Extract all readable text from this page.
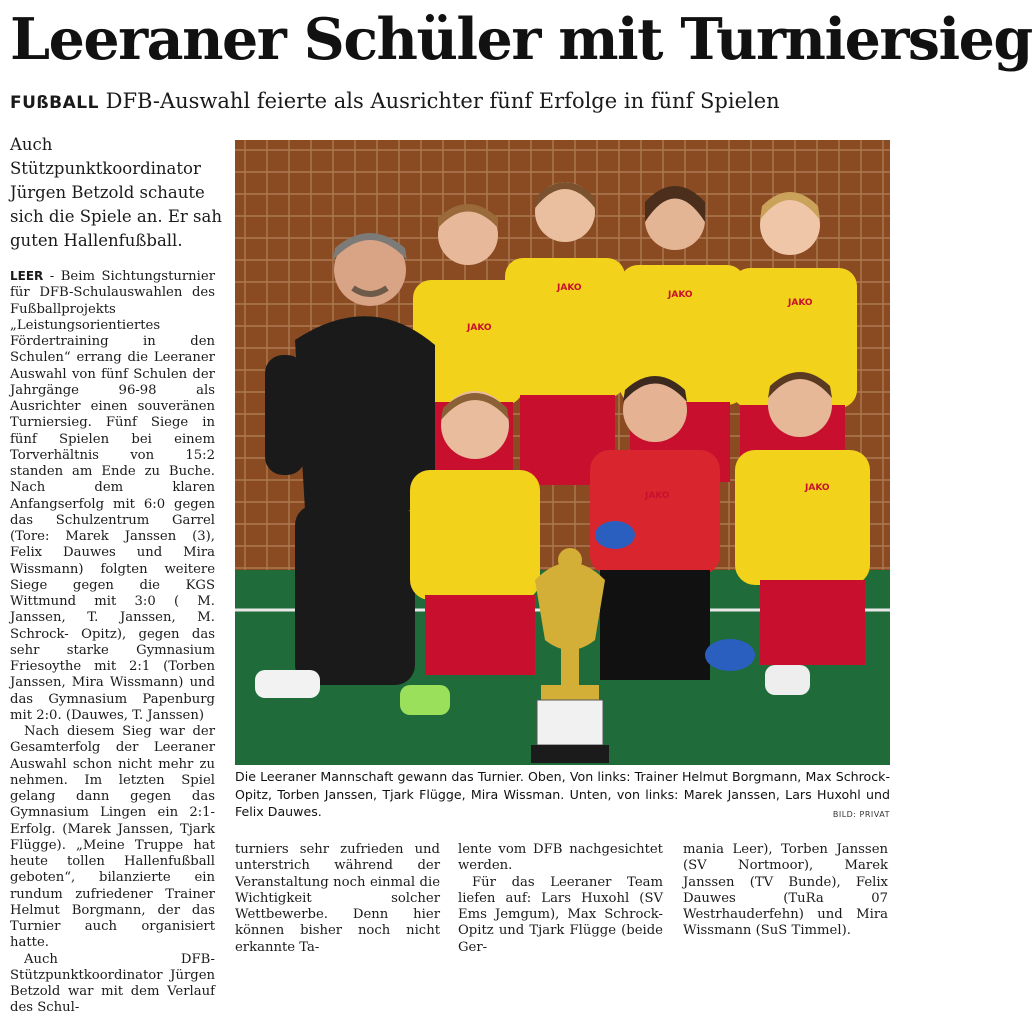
Leeraner Schüler mit Turniersieg
FUßBALL DFB-Auswahl feierte als Ausrichter fünf Erfolge in fünf Spielen
Auch Stützpunktkoordinator Jürgen Betzold schaute sich die Spiele an. Er sah guten Hallenfußball.

LEER - Beim Sichtungsturnier für DFB-Schulauswahlen des Fußballprojekts „Leistungsorientiertes Fördertraining in den Schulen“ errang die Leeraner Auswahl von fünf Schulen der Jahrgänge 96-98 als Ausrichter einen souveränen Turniersieg. Fünf Siege in fünf Spielen bei einem Torverhältnis von 15:2 standen am Ende zu Buche. Nach dem klaren Anfangserfolg mit 6:0 gegen das Schulzentrum Garrel (Tore: Marek Janssen (3), Felix Dauwes und Mira Wissmann) folgten weitere Siege gegen die KGS Wittmund mit 3:0 ( M. Janssen, T. Janssen, M. Schrock- Opitz), gegen das sehr starke Gymnasium Friesoythe mit 2:1 (Torben Janssen, Mira Wissmann) und das Gymnasium Papenburg mit 2:0. (Dauwes, T. Janssen)

Nach diesem Sieg war der Gesamterfolg der Leeraner Auswahl schon nicht mehr zu nehmen. Im letzten Spiel gelang dann gegen das Gymnasium Lingen ein 2:1-Erfolg. (Marek Janssen, Tjark Flügge). „Meine Truppe hat heute tollen Hallenfußball geboten“, bilanzierte ein rundum zufriedener Trainer Helmut Borgmann, der das Turnier auch organisiert hatte.

Auch DFB-Stützpunktkoordinator Jürgen Betzold war mit dem Verlauf des Schul-

JAKO
JAKO
JAKO
JAKO
JAKO
JAKO
Die Leeraner Mannschaft gewann das Turnier. Oben, Von links: Trainer Helmut Borgmann, Max Schrock-Opitz, Torben Janssen, Tjark Flügge, Mira Wissman. Unten, von links: Marek Janssen, Lars Huxohl und Felix Dauwes.	BILD: PRIVAT

turniers sehr zufrieden und unterstrich während der Veranstaltung noch einmal die Wichtigkeit solcher Wettbewerbe. Denn hier können bisher noch nicht erkannte Ta-

lente vom DFB nachgesichtet werden.

Für das Leeraner Team liefen auf: Lars Huxohl (SV Ems Jemgum), Max Schrock-Opitz und Tjark Flügge (beide Ger-

mania Leer), Torben Janssen (SV Nortmoor), Marek Janssen (TV Bunde), Felix Dauwes (TuRa 07 Westrhauderfehn) und Mira Wissmann (SuS Timmel).
